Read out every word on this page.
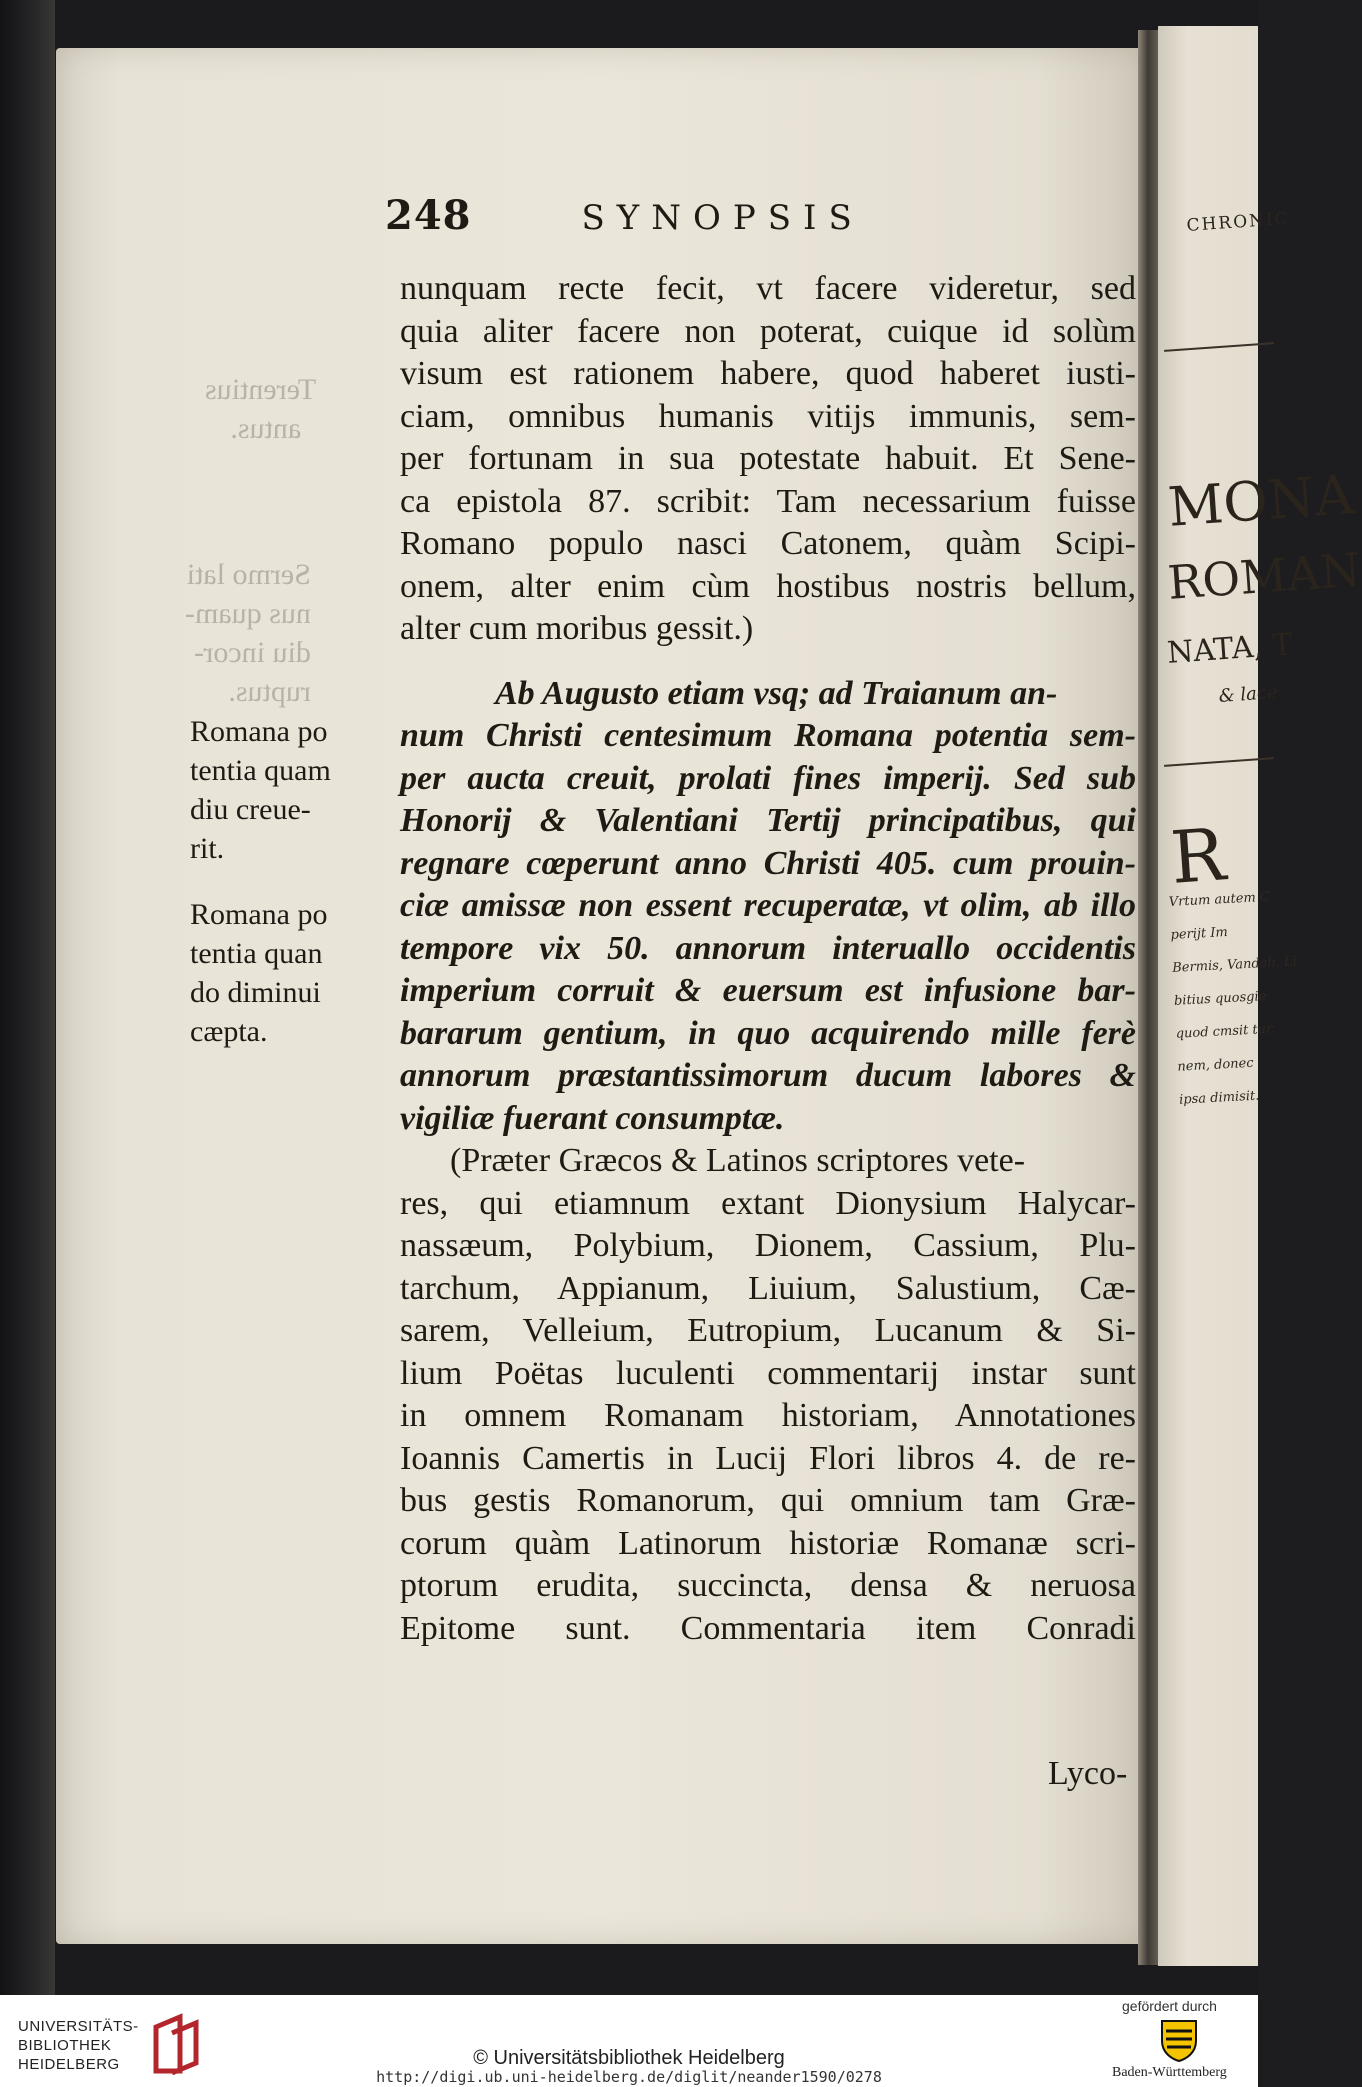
Terentius
antus.
Sermo lati
nus quam-
diu incor-
ruptus.
248	SYNOPSIS
Romana po
tentia quam
diu creue-
rit.
Romana po
tentia quan
do diminui
cæpta.
nunquam recte fecit, vt facere videretur, sed
quia aliter facere non poterat, cuique id solùm
visum est rationem habere, quod haberet iusti-
ciam, omnibus humanis vitijs immunis, sem-
per fortunam in sua potestate habuit. Et Sene-
ca epistola 87. scribit: Tam necessarium fuisse
Romano populo nasci Catonem, quàm Scipi-
onem, alter enim cùm hostibus nostris bellum,
alter cum moribus gessit.)
Ab Augusto etiam vsq; ad Traianum an-
num Christi centesimum Romana potentia sem-
per aucta creuit, prolati fines imperij. Sed sub
Honorij & Valentiani Tertij principatibus, qui
regnare cœperunt anno Christi 405. cum prouin-
ciæ amissæ non essent recuperatæ, vt olim, ab illo
tempore vix 50. annorum interuallo occidentis
imperium corruit & euersum est infusione bar-
bararum gentium, in quo acquirendo mille ferè
annorum præstantissimorum ducum labores &
vigiliæ fuerant consumptæ.
(Præter Græcos & Latinos scriptores vete-
res, qui etiamnum extant Dionysium Halycar-
nassæum, Polybium, Dionem, Cassium, Plu-
tarchum, Appianum, Liuium, Salustium, Cæ-
sarem, Velleium, Eutropium, Lucanum & Si-
lium Poëtas luculenti commentarij instar sunt
in omnem Romanam historiam, Annotationes
Ioannis Camertis in Lucij Flori libros 4. de re-
bus gestis Romanorum, qui omnium tam Græ-
corum quàm Latinorum historiæ Romanæ scri-
ptorum erudita, succincta, densa & neruosa
Epitome sunt. Commentaria item Conradi
Lyco-
CHRONIC
MONA
ROMAN
NATA, T
& lace
R
Vrtum autem C
perijt Im
Bermis, Vandali, Li
bitius quosgie
quod cmsit tur.
nem, donec
ipsa dimisit.
UNIVERSITÄTS-
BIBLIOTHEK
HEIDELBERG	© Universitätsbibliothek Heidelberg
http://digi.ub.uni-heidelberg.de/diglit/neander1590/0278
gefördert durch
Baden-Württemberg
